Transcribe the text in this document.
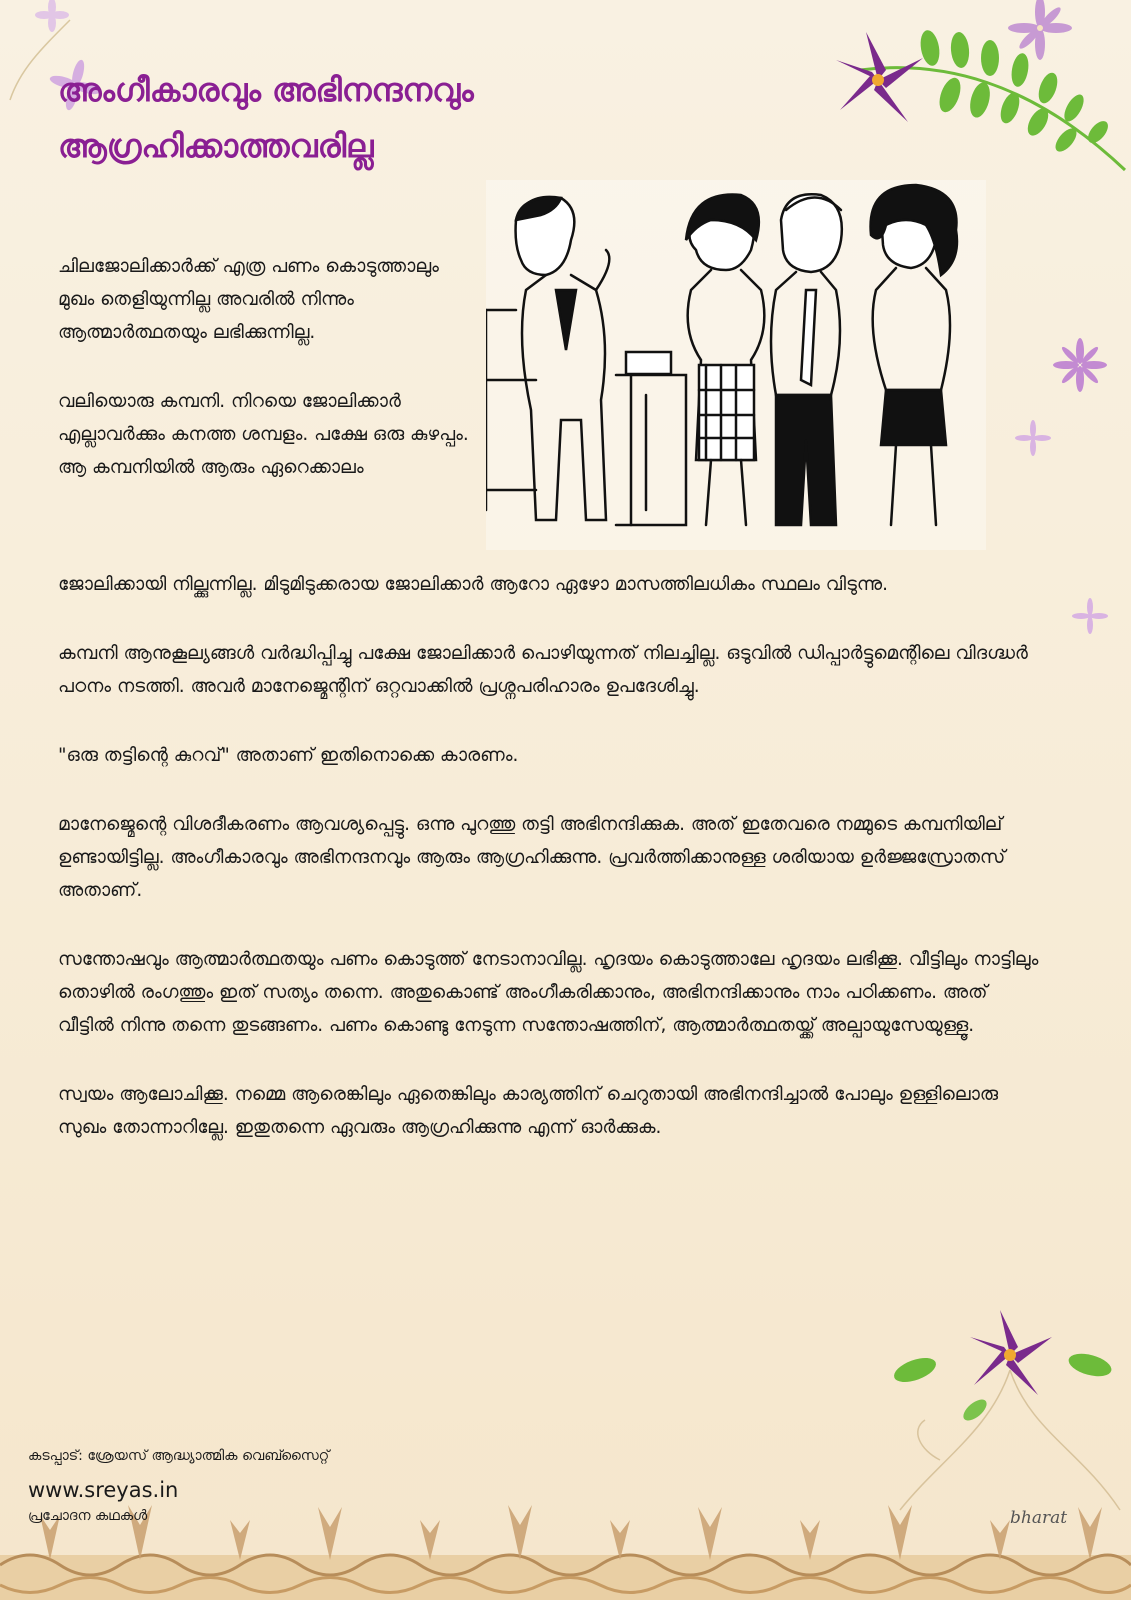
അംഗീകാരവും അഭിനന്ദനവും
ആഗ്രഹിക്കാത്തവരില്ല

ചിലജോലിക്കാർക്ക് എത്ര പണം കൊടുത്താലും മുഖം തെളിയുന്നില്ല അവരിൽ നിന്നും ആത്മാർത്ഥതയും ലഭിക്കുന്നില്ല.

വലിയൊരു കമ്പനി. നിറയെ ജോലിക്കാർ എല്ലാവർക്കും കനത്ത ശമ്പളം. പക്ഷേ ഒരു കുഴപ്പം. ആ കമ്പനിയിൽ ആരും ഏറെക്കാലം

ജോലിക്കായി നില്ക്കുന്നില്ല. മിടുമിടുക്കരായ ജോലിക്കാർ ആറോ ഏഴോ മാസത്തിലധികം സ്ഥലം വിടുന്നു.

കമ്പനി ആനുകൂല്യങ്ങൾ വർദ്ധിപ്പിച്ചു പക്ഷേ ജോലിക്കാർ പൊഴിയുന്നത് നിലച്ചില്ല. ഒടുവിൽ ഡിപ്പാർട്ടുമെന്റിലെ വിദഗ്ദ്ധർ പഠനം നടത്തി. അവർ മാനേജ്മെന്റിന് ഒറ്റവാക്കിൽ പ്രശ്നപരിഹാരം ഉപദേശിച്ചു.

"ഒരു തട്ടിന്റെ കുറവ്" അതാണ് ഇതിനൊക്കെ കാരണം.

മാനേജ്മെന്റെ വിശദീകരണം ആവശ്യപ്പെട്ടു. ഒന്നു പുറത്തു തട്ടി അഭിനന്ദിക്കുക. അത് ഇതേവരെ നമ്മുടെ കമ്പനിയില് ഉണ്ടായിട്ടില്ല. അംഗീകാരവും അഭിനന്ദനവും ആരും ആഗ്രഹിക്കുന്നു. പ്രവർത്തിക്കാനുള്ള ശരിയായ ഉർജ്ജസ്രോതസ് അതാണ്.

സന്തോഷവും ആത്മാർത്ഥതയും പണം കൊടുത്ത് നേടാനാവില്ല. ഹൃദയം കൊടുത്താലേ ഹൃദയം ലഭിക്കൂ. വീട്ടിലും നാട്ടിലും തൊഴിൽ രംഗത്തും ഇത് സത്യം തന്നെ. അതുകൊണ്ട് അംഗീകരിക്കാനും, അഭിനന്ദിക്കാനും നാം പഠിക്കണം. അത് വീട്ടിൽ നിന്നു തന്നെ തുടങ്ങണം. പണം കൊണ്ടു നേടുന്ന സന്തോഷത്തിന്, ആത്മാർത്ഥതയ്ക്ക് അല്പായുസേയുള്ളൂ.

സ്വയം ആലോചിക്കൂ. നമ്മെ ആരെങ്കിലും ഏതെങ്കിലും കാര്യത്തിന് ചെറുതായി അഭിനന്ദിച്ചാൽ പോലും ഉള്ളിലൊരു സുഖം തോന്നാറില്ലേ. ഇതുതന്നെ ഏവരും ആഗ്രഹിക്കുന്നു എന്ന് ഓർക്കുക.

കടപ്പാട്: ശ്രേയസ് ആദ്ധ്യാത്മിക വെബ്സൈറ്റ്
www.sreyas.in
പ്രചോദന കഥകൾ	bharat
